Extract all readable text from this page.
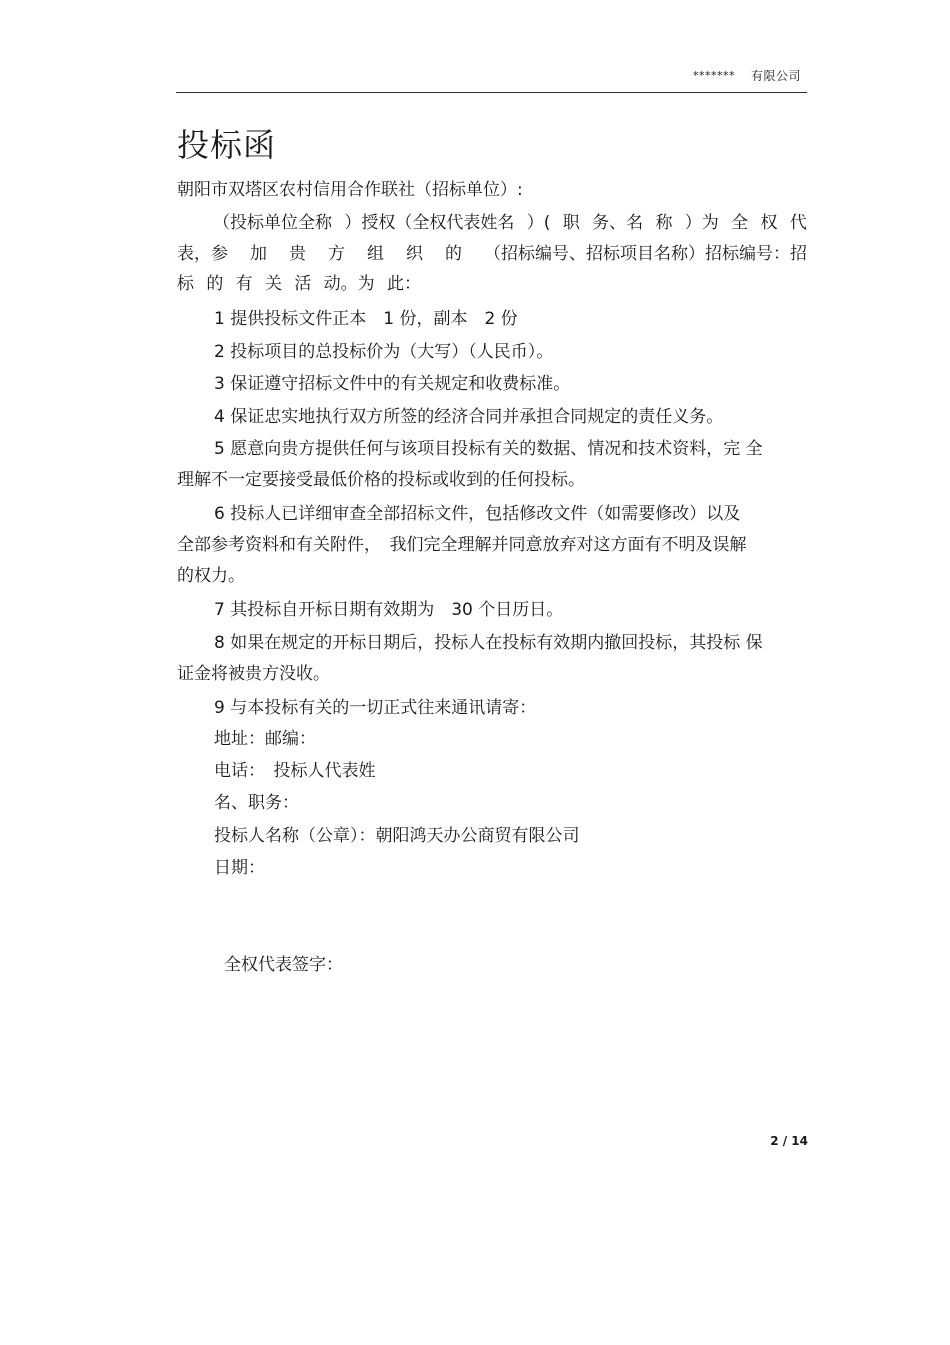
******* 有限公司
投标函
朝阳市双塔区农村信用合作联社（招标单位）:
（投标单位全称 ）授权（全权代表姓名 ）( 职 务、名 称 ）为 全 权 代
表，参 加 贵 方 组 织 的 （招标编号、招标项目名称）招标编号：招
标 的 有 关 活 动。为 此：
1 提供投标文件正本　1 份，副本　2 份
2 投标项目的总投标价为（大写）（人民币）。
3 保证遵守招标文件中的有关规定和收费标准。
4 保证忠实地执行双方所签的经济合同并承担合同规定的责任义务。
5 愿意向贵方提供任何与该项目投标有关的数据、情况和技术资料，完 全
理解不一定要接受最低价格的投标或收到的任何投标。
6 投标人已详细审查全部招标文件，包括修改文件（如需要修改）以及
全部参考资料和有关附件，　我们完全理解并同意放弃对这方面有不明及误解
的权力。
7 其投标自开标日期有效期为　30 个日历日。
8 如果在规定的开标日期后，投标人在投标有效期内撤回投标，其投标 保
证金将被贵方没收。
9 与本投标有关的一切正式往来通讯请寄：
地址：邮编：
电话：　投标人代表姓
名、职务：
投标人名称（公章）：朝阳鸿天办公商贸有限公司
日期：
全权代表签字：
2 / 14
